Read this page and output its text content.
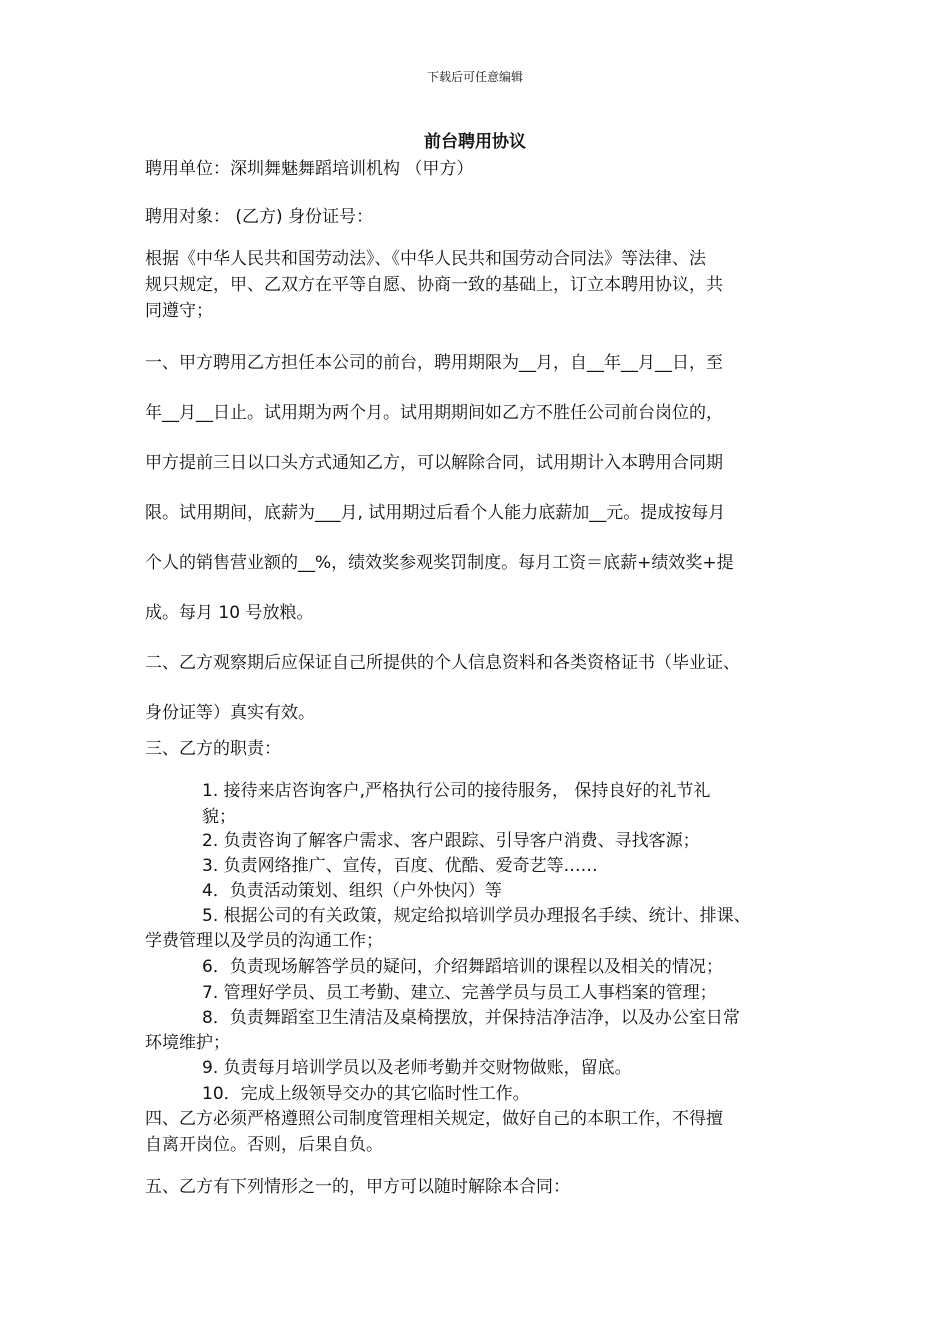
下载后可任意编辑
前台聘用协议
聘用单位：深圳舞魅舞蹈培训机构 （甲方）
聘用对象： (乙方) 身份证号：
根据《中华人民共和国劳动法》、《中华人民共和国劳动合同法》等法律、法
规只规定，甲、乙双方在平等自愿、协商一致的基础上，订立本聘用协议，共
同遵守；
一、甲方聘用乙方担任本公司的前台，聘用期限为__月，自__年__月__日，至
年__月__日止。试用期为两个月。试用期期间如乙方不胜任公司前台岗位的，
甲方提前三日以口头方式通知乙方，可以解除合同，试用期计入本聘用合同期
限。试用期间，底薪为___月, 试用期过后看个人能力底薪加__元。提成按每月
个人的销售营业额的__%，绩效奖参观奖罚制度。每月工资＝底薪+绩效奖+提
成。每月 10 号放粮。
二、乙方观察期后应保证自己所提供的个人信息资料和各类资格证书（毕业证、
身份证等）真实有效。
三、乙方的职责：
1. 接待来店咨询客户,严格执行公司的接待服务， 保持良好的礼节礼
貌；
2. 负责咨询了解客户需求、客户跟踪、引导客户消费、寻找客源；
3. 负责网络推广、宣传，百度、优酷、爱奇艺等……
4．负责活动策划、组织（户外快闪）等
5. 根据公司的有关政策，规定给拟培训学员办理报名手续、统计、排课、
学费管理以及学员的沟通工作；
6．负责现场解答学员的疑问，介绍舞蹈培训的课程以及相关的情况；
7. 管理好学员、员工考勤、建立、完善学员与员工人事档案的管理；
8．负责舞蹈室卫生清洁及桌椅摆放，并保持洁净洁净，以及办公室日常
环境维护；
9. 负责每月培训学员以及老师考勤并交财物做账，留底。
10．完成上级领导交办的其它临时性工作。
四、乙方必须严格遵照公司制度管理相关规定，做好自己的本职工作，不得擅
自离开岗位。否则，后果自负。
五、乙方有下列情形之一的，甲方可以随时解除本合同：
